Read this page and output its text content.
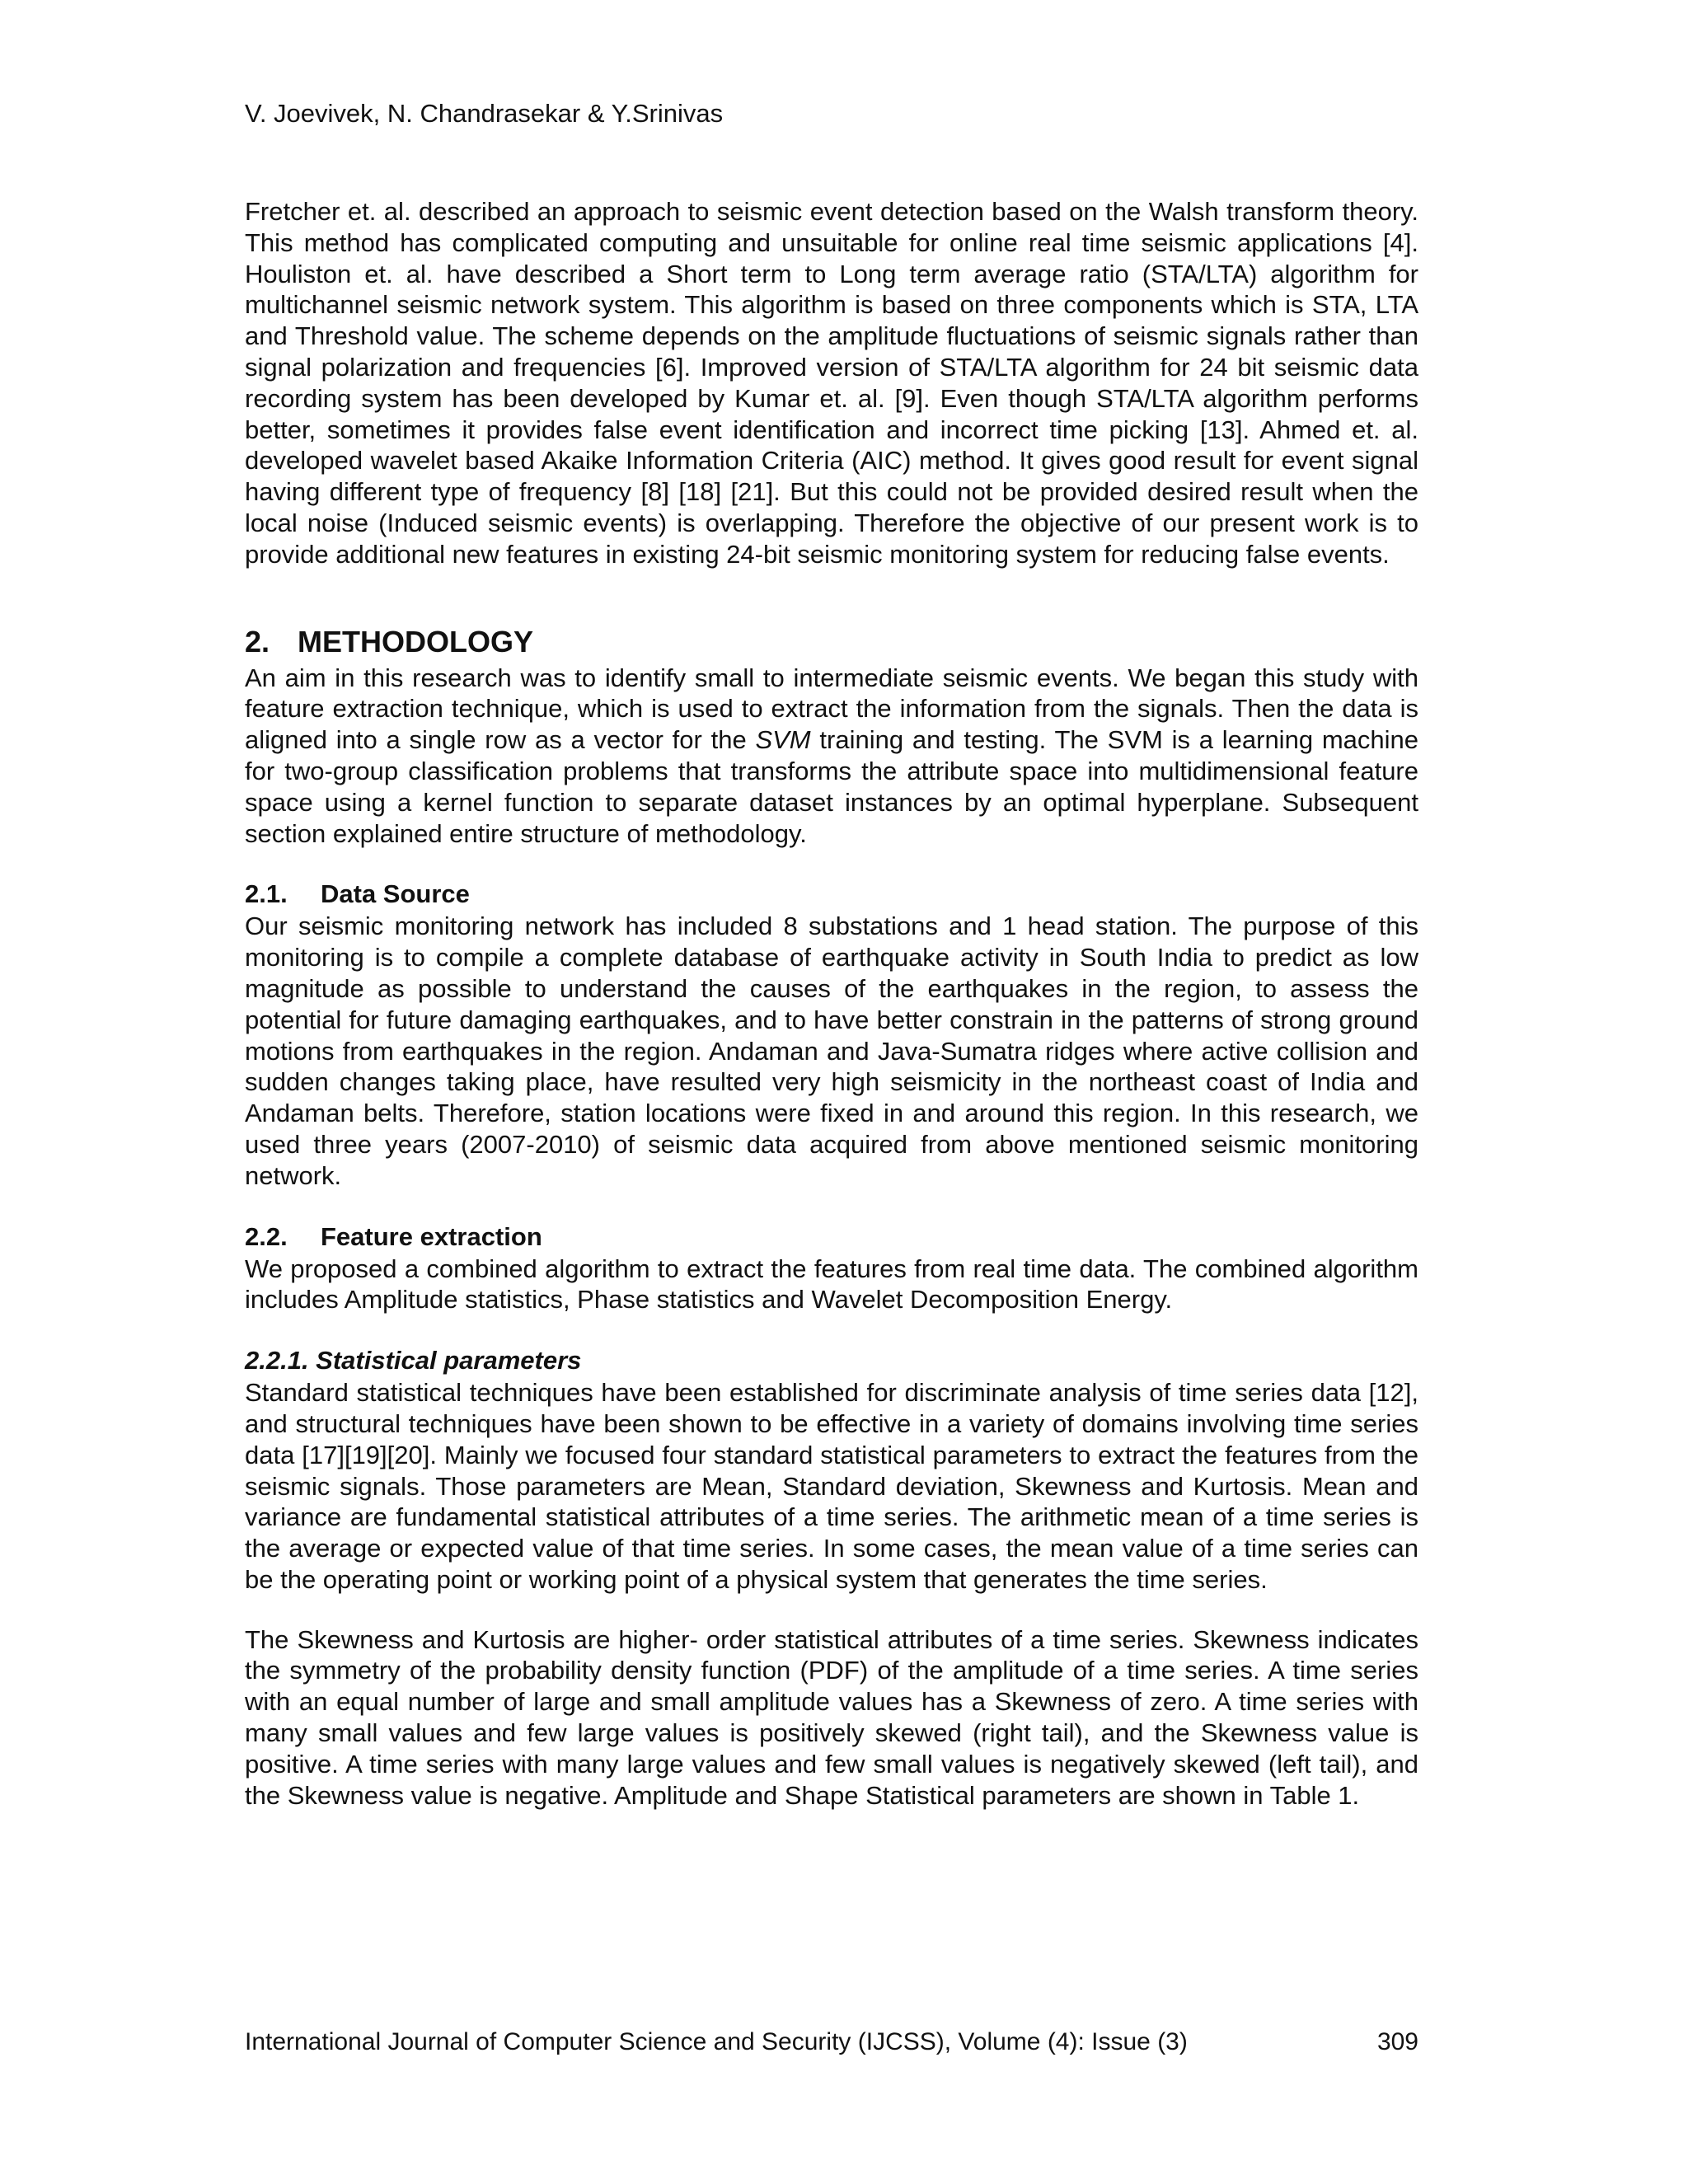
V. Joevivek, N. Chandrasekar & Y.Srinivas

Fretcher et. al. described an approach to seismic event detection based on the Walsh transform theory. This method has complicated computing and unsuitable for online real time seismic applications [4]. Houliston et. al. have described a Short term to Long term average ratio (STA/LTA) algorithm for multichannel seismic network system. This algorithm is based on three components which is STA, LTA and Threshold value. The scheme depends on the amplitude fluctuations of seismic signals rather than signal polarization and frequencies [6]. Improved version of STA/LTA algorithm for 24 bit seismic data recording system has been developed by Kumar et. al. [9]. Even though STA/LTA algorithm performs better, sometimes it provides false event identification and incorrect time picking [13]. Ahmed et. al. developed wavelet based Akaike Information Criteria (AIC) method. It gives good result for event signal having different type of frequency [8] [18] [21]. But this could not be provided desired result when the local noise (Induced seismic events) is overlapping. Therefore the objective of our present work is to provide additional new features in existing 24-bit seismic monitoring system for reducing false events.

2. METHODOLOGY

An aim in this research was to identify small to intermediate seismic events. We began this study with feature extraction technique, which is used to extract the information from the signals. Then the data is aligned into a single row as a vector for the SVM training and testing. The SVM is a learning machine for two-group classification problems that transforms the attribute space into multidimensional feature space using a kernel function to separate dataset instances by an optimal hyperplane. Subsequent section explained entire structure of methodology.

2.1. Data Source

Our seismic monitoring network has included 8 substations and 1 head station. The purpose of this monitoring is to compile a complete database of earthquake activity in South India to predict as low magnitude as possible to understand the causes of the earthquakes in the region, to assess the potential for future damaging earthquakes, and to have better constrain in the patterns of strong ground motions from earthquakes in the region. Andaman and Java-Sumatra ridges where active collision and sudden changes taking place, have resulted very high seismicity in the northeast coast of India and Andaman belts. Therefore, station locations were fixed in and around this region. In this research, we used three years (2007-2010) of seismic data acquired from above mentioned seismic monitoring network.

2.2. Feature extraction

We proposed a combined algorithm to extract the features from real time data. The combined algorithm includes Amplitude statistics, Phase statistics and Wavelet Decomposition Energy.

2.2.1. Statistical parameters

Standard statistical techniques have been established for discriminate analysis of time series data [12], and structural techniques have been shown to be effective in a variety of domains involving time series data [17][19][20]. Mainly we focused four standard statistical parameters to extract the features from the seismic signals. Those parameters are Mean, Standard deviation, Skewness and Kurtosis. Mean and variance are fundamental statistical attributes of a time series. The arithmetic mean of a time series is the average or expected value of that time series. In some cases, the mean value of a time series can be the operating point or working point of a physical system that generates the time series.

The Skewness and Kurtosis are higher- order statistical attributes of a time series. Skewness indicates the symmetry of the probability density function (PDF) of the amplitude of a time series. A time series with an equal number of large and small amplitude values has a Skewness of zero. A time series with many small values and few large values is positively skewed (right tail), and the Skewness value is positive. A time series with many large values and few small values is negatively skewed (left tail), and the Skewness value is negative. Amplitude and Shape Statistical parameters are shown in Table 1.

International Journal of Computer Science and Security (IJCSS), Volume (4): Issue (3)	309
